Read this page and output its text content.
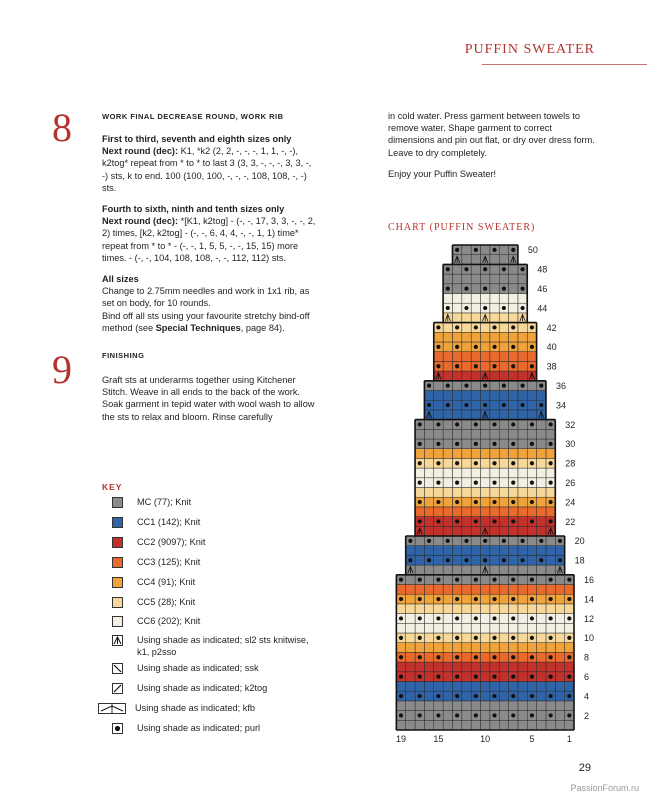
PUFFIN SWEATER
8	WORK FINAL DECREASE ROUND, WORK RIB

First to third, seventh and eighth sizes only
Next round (dec): K1, *k2 (2, 2, -, -, -, 1, 1, -, -), k2tog* repeat from * to * to last 3 (3, 3, -, -, -, 3, 3, -, -) sts, k to end. 100 (100, 100, -, -, -, 108, 108, -, -) sts.

Fourth to sixth, ninth and tenth sizes only
Next round (dec): *[K1, k2tog] - (-, -, 17, 3, 3, -, -, 2, 2) times, [k2, k2tog] - (-, -, 6, 4, 4, -, -, 1, 1) time* repeat from * to * - (-, -, 1, 5, 5, -, -, 15, 15) more times. - (-, -, 104, 108, 108, -, -, 112, 112) sts.

All sizes
Change to 2.75mm needles and work in 1x1 rib, as set on body, for 10 rounds.
Bind off all sts using your favourite stretchy bind-off method (see Special Techniques, page 84).

9	FINISHING
Graft sts at underarms together using Kitchener Stitch. Weave in all ends to the back of the work. Soak garment in tepid water with wool wash to allow the sts to relax and bloom. Rinse carefully

in cold water. Press garment between towels to remove water. Shape garment to correct dimensions and pin out flat, or dry over dress form. Leave to dry completely.

Enjoy your Puffin Sweater!

CHART (PUFFIN SWEATER)
KEY
MC (77); Knit
CC1 (142); Knit
CC2 (9097); Knit
CC3 (125); Knit
CC4 (91); Knit
CC5 (28); Knit
CC6 (202); Knit
Using shade as indicated; sl2 sts knitwise, k1, p2sso
Using shade as indicated; ssk
Using shade as indicated; k2tog
Using shade as indicated; kfb
Using shade as indicated; purl
2
4
6
8
10
12
14
16
18
20
22
24
26
28
30
32
34
36
38
40
42
44
46
48
50
19	15	10	5	1
29
PassionForum.ru
